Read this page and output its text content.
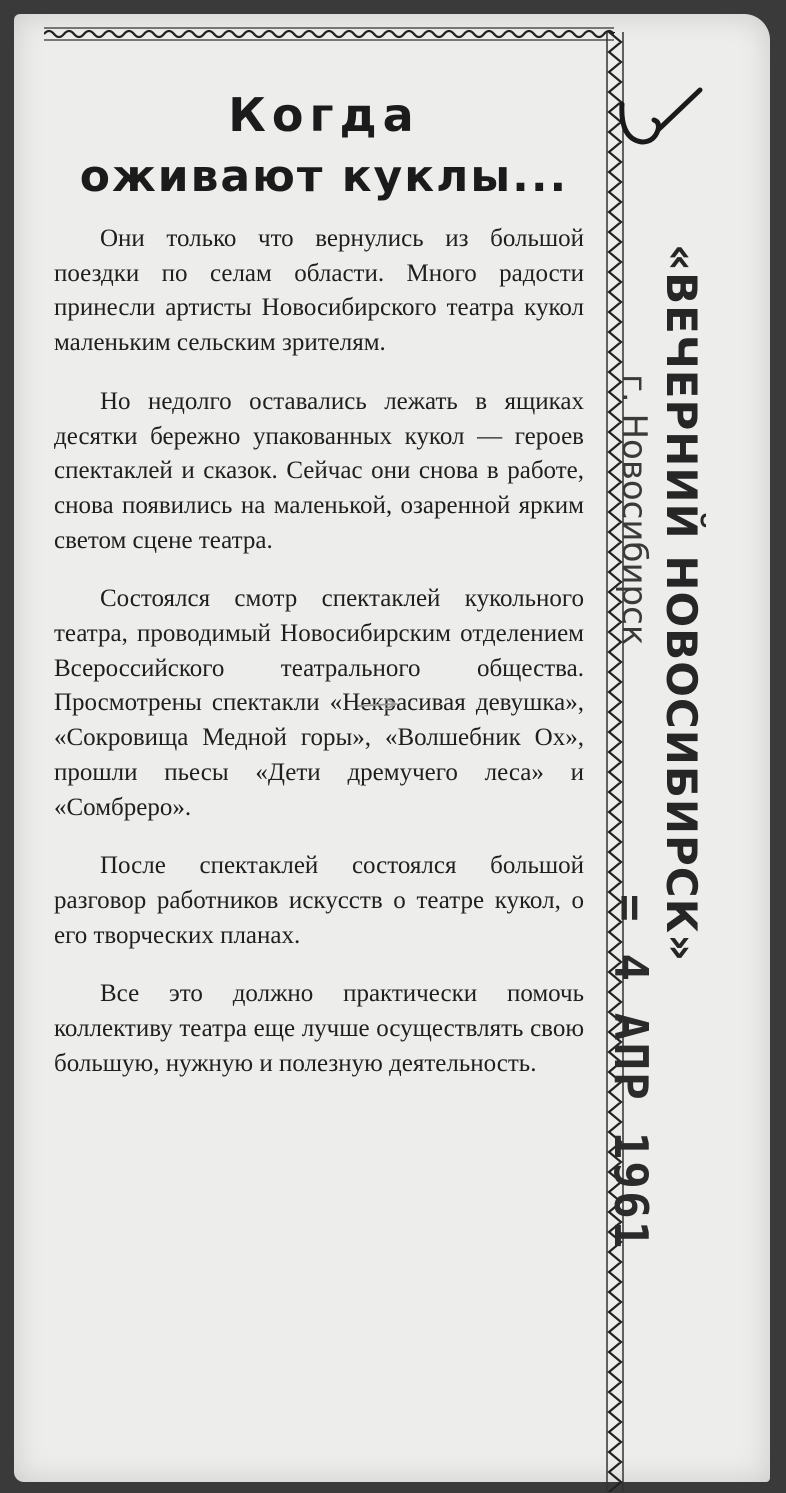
Когда
оживают куклы...

Они только что вернулись из большой поездки по селам области. Много радости принесли артисты Новосибирского театра кукол маленьким сельским зрителям.

Но недолго оставались лежать в ящиках десятки бережно упакованных кукол — героев спектаклей и сказок. Сейчас они снова в работе, снова появились на маленькой, озаренной ярким светом сцене театра.

Состоялся смотр спектаклей кукольного театра, проводимый Новосибирским отделением Всероссийского театрального общества. Просмотрены спектакли «Некрасивая девушка», «Сокровища Медной горы», «Волшебник Ох», прошли пьесы «Дети дремучего леса» и «Сомбреро».

После спектаклей состоялся большой разговор работников искусств о театре кукол, о его творческих планах.

Все это должно практически помочь коллективу театра еще лучше осуществлять свою большую, нужную и полезную деятельность.

«ВЕЧЕРНИЙ НОВОСИБИРСК»
г. Новосибирск
= 4 АПР 1961
